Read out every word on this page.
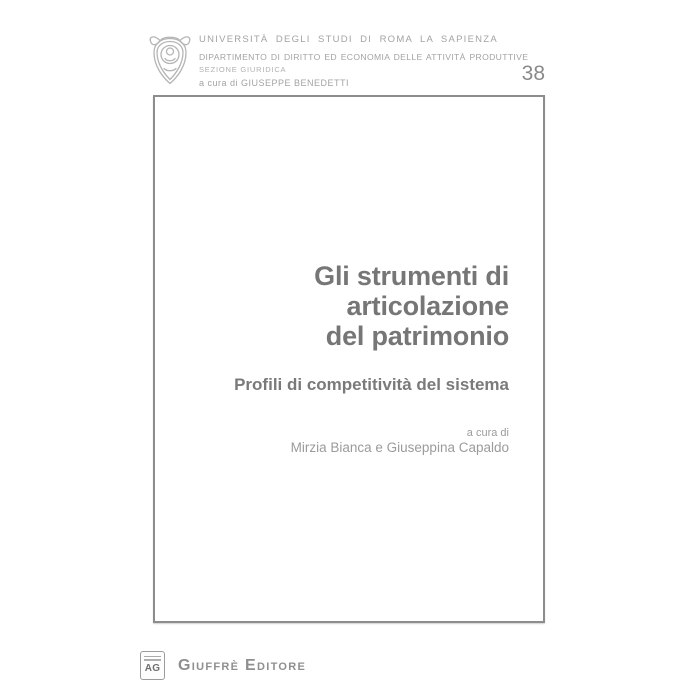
UNIVERSITÀ DEGLI STUDI DI ROMA LA SAPIENZA
DIPARTIMENTO DI DIRITTO ED ECONOMIA DELLE ATTIVITÀ PRODUTTIVE
SEZIONE GIURIDICA
a cura di GIUSEPPE BENEDETTI	38
Gli strumenti di articolazione
del patrimonio
Profili di competitività del sistema
a cura di
Mirzia Bianca e Giuseppina Capaldo
AG Giuffrè Editore
